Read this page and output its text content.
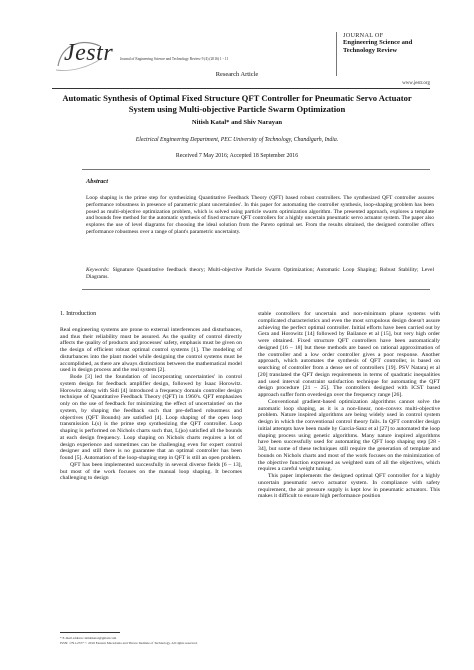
Jestr Journal of Engineering Science and Technology Review 9 (4) (2016) 1 - 11
JOURNAL OF
Engineering Science and Technology Review
Research Article
www.jestr.org
Automatic Synthesis of Optimal Fixed Structure QFT Controller for Pneumatic Servo Actuator System using Multi-objective Particle Swarm Optimization
Nitish Katal* and Shiv Narayan
Electrical Engineering Department, PEC University of Technology, Chandigarh, India.
Received 7 May 2016; Accepted 18 September 2016
Abstract
Loop shaping is the prime step for synthesizing Quantitative Feedback Theory (QFT) based robust controllers. The synthesized QFT controller assures performance robustness in presence of parametric plant uncertainties'. In this paper for automating the controller synthesis, loop-shaping problem has been posed as multi-objective optimization problem, which is solved using particle swarm optimization algorithm. The presented approach, explores a template and bounds free method for the automatic synthesis of fixed structure QFT controllers for a highly uncertain pneumatic servo actuator system. The paper also explores the use of level diagrams for choosing the ideal solution from the Pareto optimal set. From the results obtained, the designed controller offers performance robustness over a range of plant's parametric uncertainty.
Keywords: Signature Quantitative feedback theory; Multi-objective Particle Swarm Optimization; Automatic Loop Shaping; Robust Stability; Level Diagrams.
1. Introduction

Real engineering systems are prone to external interferences and disturbances, and thus their reliability must be assured. As the quality of control directly affects the quality of products and processes' safety, emphasis must be given on the design of efficient robust optimal control systems [1]. The modeling of disturbances into the plant model while designing the control systems must be accomplished, as there are always distinctions between the mathematical model used in design process and the real system [2].

Bode [3] led the foundation of incorporating uncertainties' in control system design for feedback amplifier design, followed by Isaac Horowitz. Horowitz along with Sidi [4] introduced a frequency domain controller design technique of Quantitative Feedback Theory (QFT) in 1960's. QFT emphasizes only on the use of feedback for minimizing the effect of uncertainties' on the system, by shaping the feedback such that pre-defined robustness and objectives (QFT Bounds) are satisfied [4]. Loop shaping of the open loop transmission L(s) is the prime step synthesizing the QFT controller. Loop shaping is performed on Nichols charts such that, L(jω) satisfied all the bounds at each design frequency. Loop shaping on Nichols charts requires a lot of design experience and sometimes can be challenging even for expert control designer and still there is no guarantee that an optimal controller has been found [5]. Automation of the loop-shaping step in QFT is still an open problem.

QFT has been implemented successfully in several diverse fields [6 – 13], but most of the work focuses on the manual loop shaping. It becomes challenging to design

stable controllers for uncertain and non-minimum phase systems with complicated characteristics and even the most scrupulous design doesn't assure achieving the perfect optimal controller. Initial efforts have been carried out by Gera and Horowitz [14] followed by Bailance et al [15], but very high order were obtained. Fixed structure QFT controllers have been automatically designed [16 – 18] but these methods are based on rational approximation of the controller and a low order controller gives a poor response. Another approach, which automates the synthesis of QFT controller, is based on searching of controller from a dense set of controllers [19]. PSV Nataraj et al [20] translated the QFT design requirements in terms of quadratic inequalities and used interval constraint satisfaction technique for automating the QFT design procedure [21 – 25]. The controllers designed with ICST based approach suffer form overdesign over the frequency range [26].

Conventional gradient-based optimization algorithms cannot solve the automatic loop shaping, as it is a non-linear, non-convex multi-objective problem. Nature inspired algorithms are being widely used in control system design in which the conventional control theory fails. In QFT controller design initial attempts have been made by Garcia-Sanz et al [27] to automated the loop shaping process using genetic algorithms. Many nature inspired algorithms have been successfully used for automating the QFT loop shaping step [28 - 34], but some of these techniques still require the generation of template and bounds on Nichols charts and most of the work focuses on the minimization of the objective function expressed as weighted sum of all the objectives, which requires a careful weight tuning.

This paper implements the designed optimal QFT controller for a highly uncertain pneumatic servo actuator system. In compliance with safety requirement, the air pressure supply is kept low in pneumatic actuators. This makes it difficult to ensure high performance position

* E-mail address: nitishkatal@gmail.com
ISSN: 1791-2377 © 2016 Eastern Macedonia and Thrace Institute of Technology. All rights reserved.
